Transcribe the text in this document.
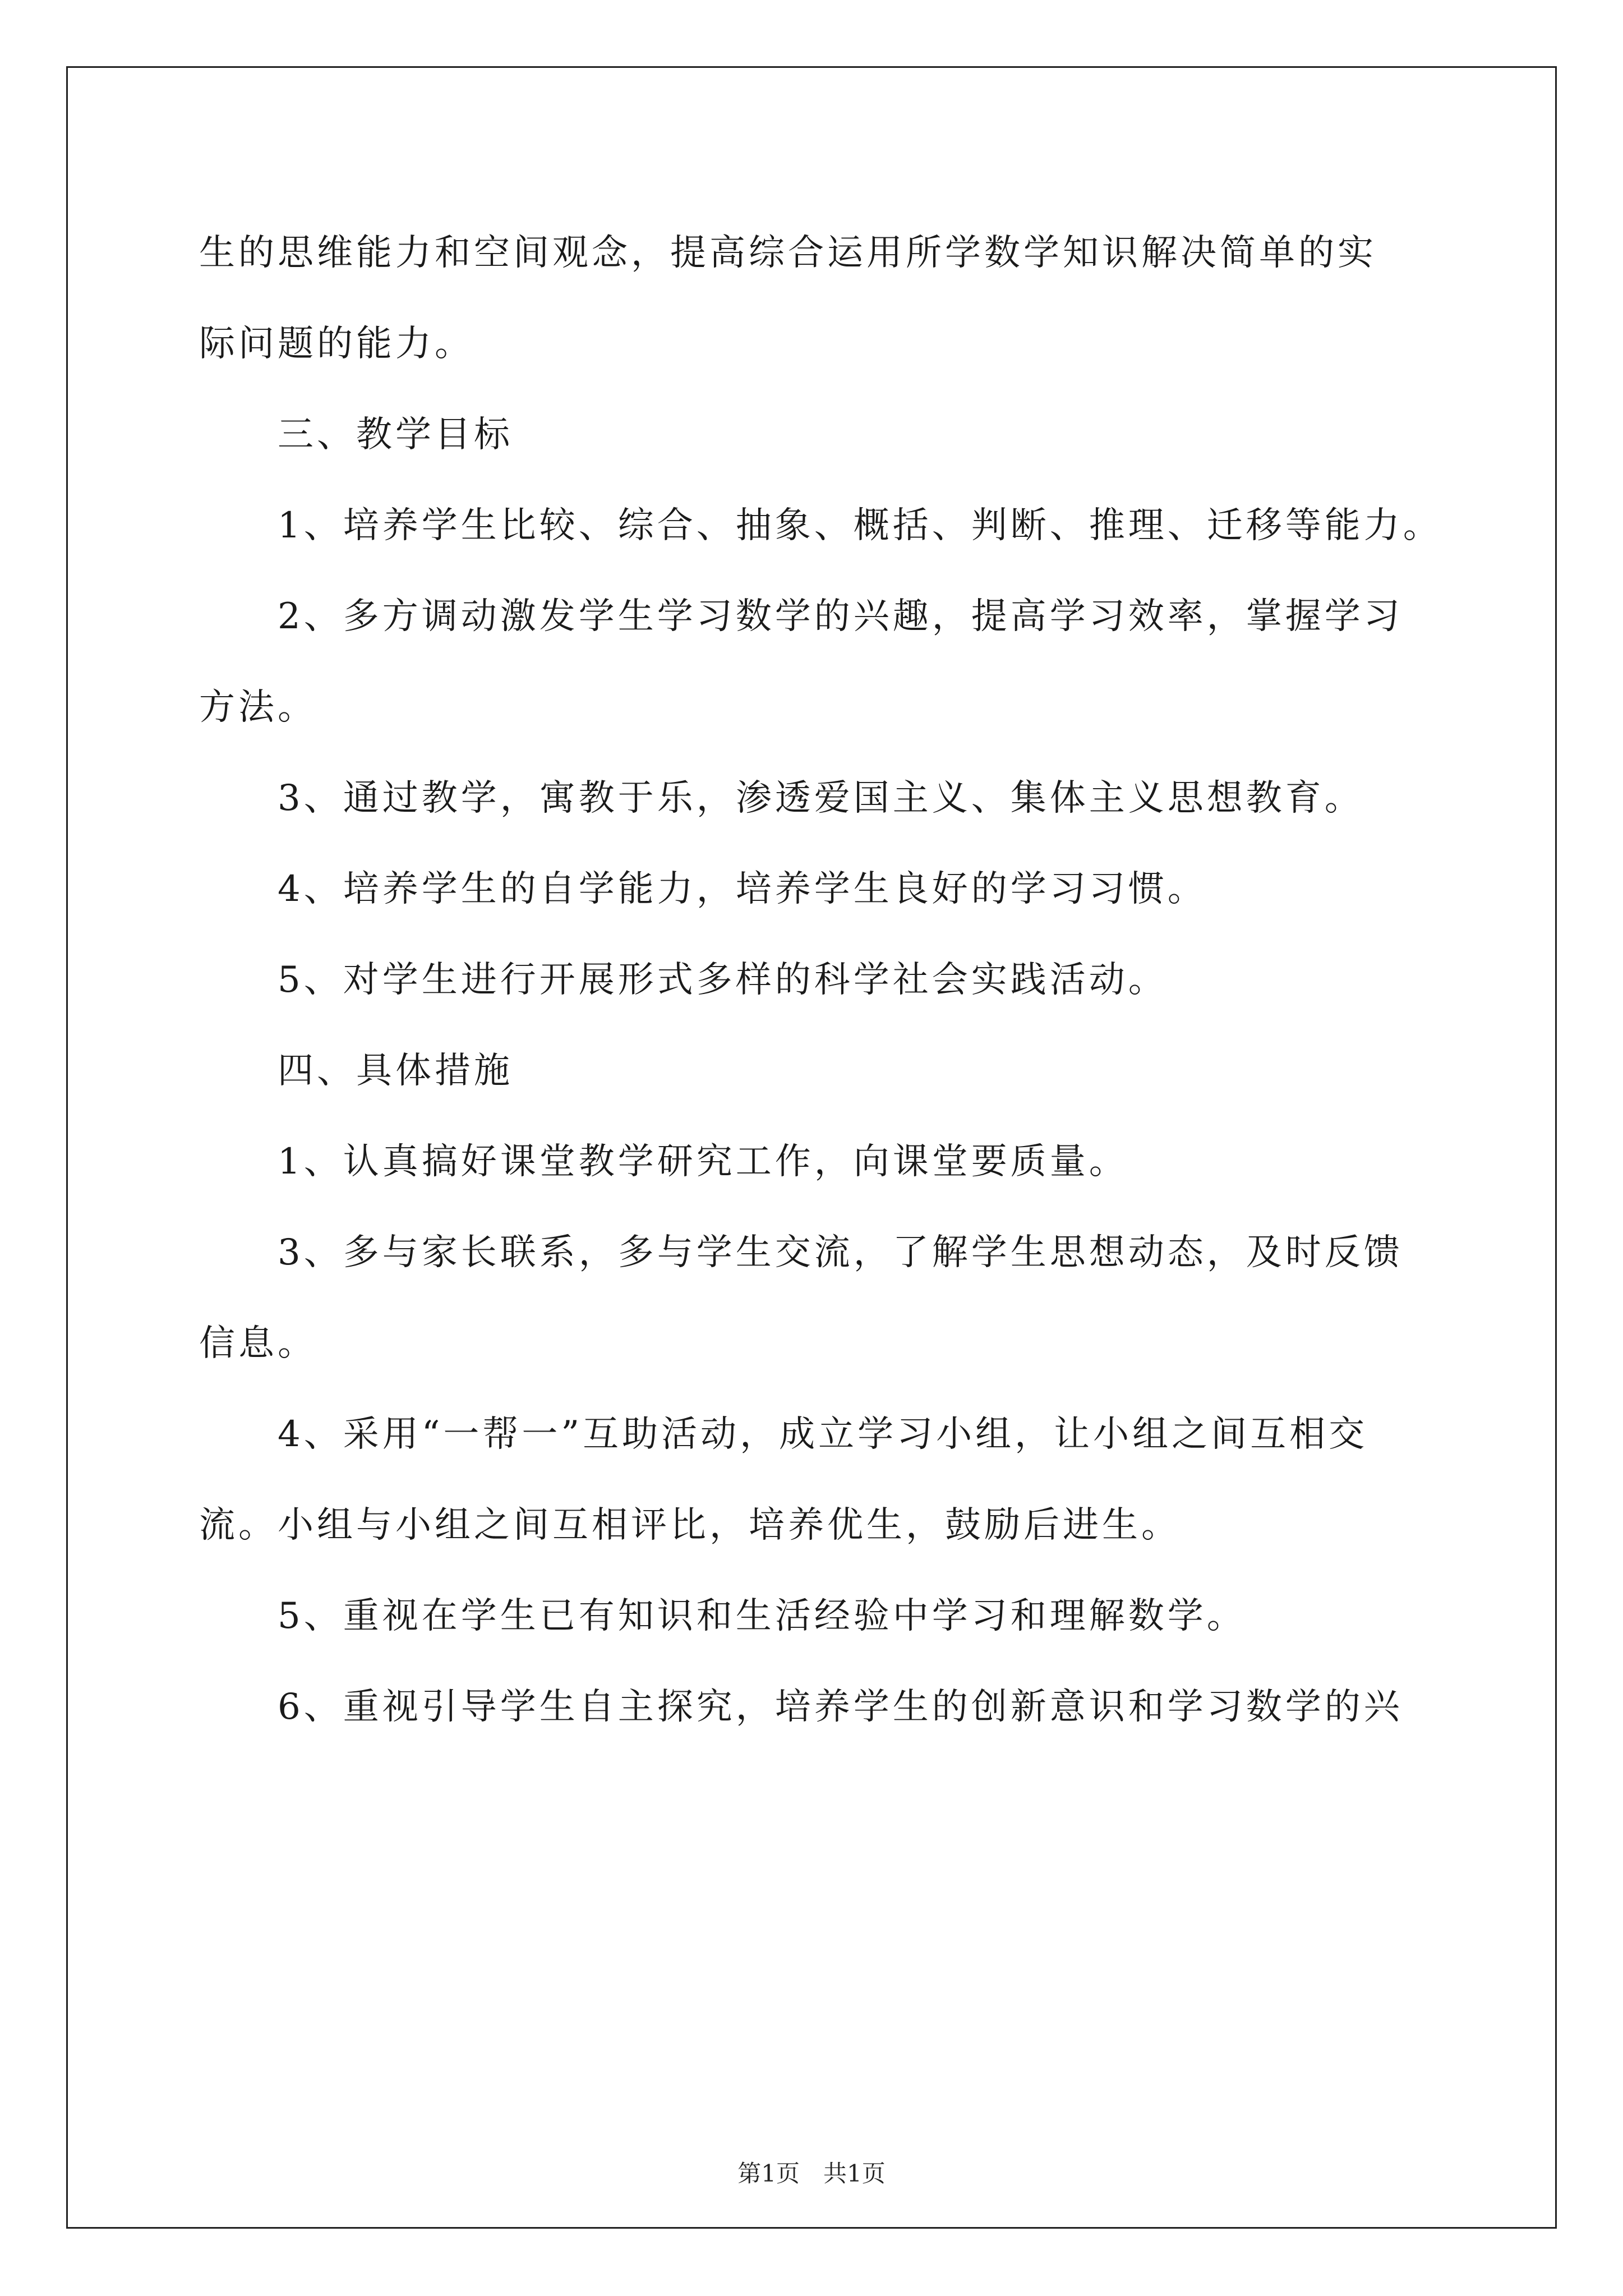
生的思维能力和空间观念，提高综合运用所学数学知识解决简单的实

际问题的能力。

三、教学目标

1、培养学生比较、综合、抽象、概括、判断、推理、迁移等能力。

2、多方调动激发学生学习数学的兴趣，提高学习效率，掌握学习

方法。

3、通过教学，寓教于乐，渗透爱国主义、集体主义思想教育。

4、培养学生的自学能力，培养学生良好的学习习惯。

5、对学生进行开展形式多样的科学社会实践活动。

四、具体措施

1、认真搞好课堂教学研究工作，向课堂要质量。

3、多与家长联系，多与学生交流，了解学生思想动态，及时反馈

信息。

4、采用“一帮一”互助活动，成立学习小组，让小组之间互相交

流。小组与小组之间互相评比，培养优生，鼓励后进生。

5、重视在学生已有知识和生活经验中学习和理解数学。

6、重视引导学生自主探究，培养学生的创新意识和学习数学的兴

第1页　共1页
